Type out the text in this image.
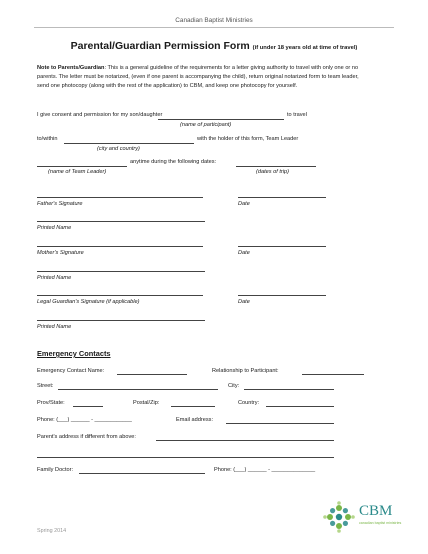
Canadian Baptist Ministries
Parental/Guardian Permission Form (if under 18 years old at time of travel)
Note to Parents/Guardian: This is a general guideline of the requirements for a letter giving authority to travel with only one or no parents. The letter must be notarized, (even if one parent is accompanying the child), return original notarized form to team leader, send one photocopy (along with the rest of the application) to CBM, and keep one photocopy for yourself.
I give consent and permission for my son/daughter	to travel
(name of participant)
to/within	with the holder of this form, Team Leader
(city and country)
anytime during the following dates:
(name of Team Leader)	(dates of trip)
Father's Signature	Date
Printed Name
Mother's Signature	Date
Printed Name
Legal Guardian's Signature (if applicable)	Date
Printed Name
Emergency Contacts
Emergency Contact Name:	Relationship to Participant:
Street:	City:
Prov/State:	Postal/Zip:	Country:
Phone: (___) ______ - ____________	Email address:
Parent's address if different from above:
Family Doctor:	Phone: (___) ______ - ______________
CBM
canadian baptist ministries
Spring 2014
